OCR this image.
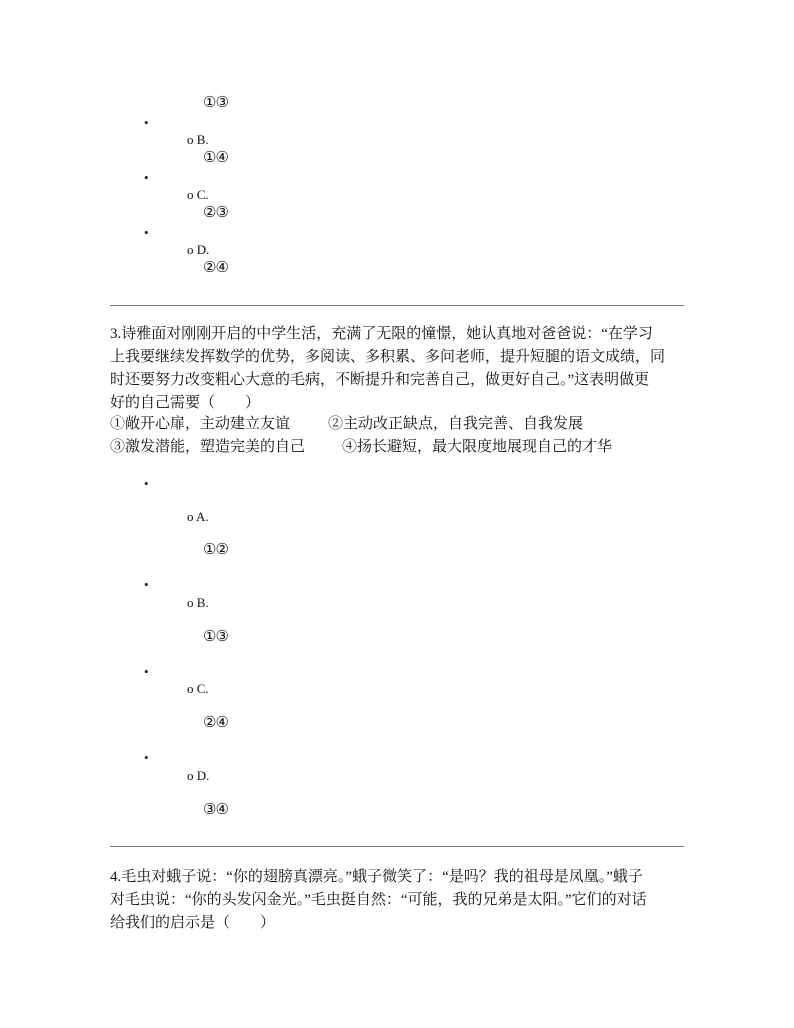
①③
•
o B.
①④
•
o C.
②③
•
o D.
②④
3.诗雅面对刚刚开启的中学生活，充满了无限的憧憬，她认真地对爸爸说：“在学习
上我要继续发挥数学的优势，多阅读、多积累、多问老师，提升短腿的语文成绩，同
时还要努力改变粗心大意的毛病，不断提升和完善自己，做更好自己。”这表明做更
好的自己需要（　　）
①敞开心扉，主动建立友谊	②主动改正缺点，自我完善、自我发展
③激发潜能，塑造完美的自己 ④扬长避短，最大限度地展现自己的才华
•
o A.
①②
•
o B.
①③
•
o C.
②④
•
o D.
③④
4.毛虫对蛾子说：“你的翅膀真漂亮。”蛾子微笑了：“是吗？我的祖母是凤凰。”蛾子
对毛虫说：“你的头发闪金光。”毛虫挺自然：“可能，我的兄弟是太阳。”它们的对话
给我们的启示是（　　）
